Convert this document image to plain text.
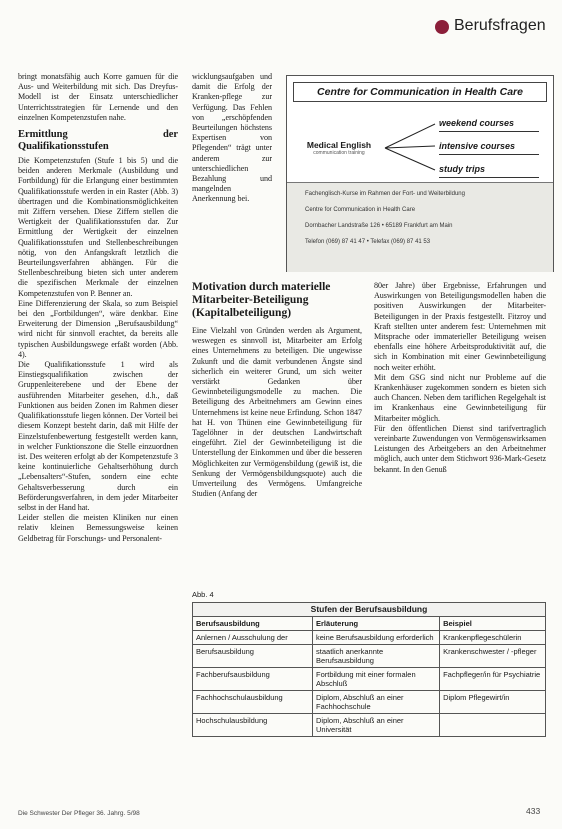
Berufsfragen

bringt monatsfähig auch Korre gamuen für die Aus- und Weiterbildung mit sich. Das Dreyfus-Modell ist der Einsatz unterschiedlicher Unterrichtsstrategien für Lernende und den einzelnen Kompetenzstufen nahe.

Ermittlung der Qualifikationsstufen

Die Kompetenzstufen (Stufe 1 bis 5) und die beiden anderen Merkmale (Ausbildung und Fortbildung) für die Erlangung einer bestimmten Qualifikationsstufe werden in ein Raster (Abb. 3) übertragen und die Kombinationsmöglichkeiten mit Ziffern versehen. Diese Ziffern stellen die Wertigkeit der Qualifikationsstufen dar. Zur Ermittlung der Wertigkeit der einzelnen Qualifikationsstufen und Stellenbeschreibungen nötig, von den Anfangskraft letztlich die Beurteilungsverfahren abhängen. Für die Stellenbeschreibung bieten sich unter anderem die spezifischen Merkmale der einzelnen Kompetenzstufen von P. Benner an.

Eine Differenzierung der Skala, so zum Beispiel bei den „Fortbildungen“, wäre denkbar. Eine Erweiterung der Dimension „Berufsausbildung“ wird nicht für sinnvoll erachtet, da bereits alle typischen Ausbildungswege erfaßt worden (Abb. 4).

Die Qualifikationsstufe 1 wird als Einstiegsqualifikation zwischen der Gruppenleiterebene und der Ebene der ausführenden Mitarbeiter gesehen, d.h., daß Funktionen aus beiden Zonen im Rahmen dieser Qualifikationsstufe liegen können. Der Vorteil bei diesem Konzept besteht darin, daß mit Hilfe der Einzelstufenbewertung festgestellt werden kann, in welcher Funktionszone die Stelle einzuordnen ist. Des weiteren erfolgt ab der Kompetenzstufe 3 keine kontinuierliche Gehaltserhöhung durch „Lebensalters“-Stufen, sondern eine echte Gehaltsverbesserung durch ein Beförderungsverfahren, in dem jeder Mitarbeiter selbst in der Hand hat.

Leider stellen die meisten Kliniken nur einen relativ kleinen Bemessungsweise keinen Geldbetrag für Forschungs- und Personalent-

wicklungsaufgaben und damit die Erfolg der Kranken-pflege zur Verfügung. Das Fehlen von „erschöpfenden Beurteilungen höchstens Expertisen von Pflegenden“ trägt unter anderem zur unterschiedlichen Bezahlung und mangelnden Anerkennung bei.

Centre for Communication in Health Care
Medical English
communication training
weekend courses
intensive courses
study trips
Fachenglisch-Kurse im Rahmen der Fort- und Weiterbildung
Centre for Communication in Health Care
Dornbacher Landstraße 126 • 65189 Frankfurt am Main
Telefon (069) 87 41 47 • Telefax (069) 87 41 53
Motivation durch materielle Mitarbeiter-Beteiligung (Kapitalbeteiligung)

Eine Vielzahl von Gründen werden als Argument, weswegen es sinnvoll ist, Mitarbeiter am Erfolg eines Unternehmens zu beteiligen. Die ungewisse Zukunft und die damit verbundenen Ängste sind sicherlich ein weiterer Grund, um sich weiter verstärkt Gedanken über Gewinnbeteiligungsmodelle zu machen. Die Beteiligung des Arbeitnehmers am Gewinn eines Unternehmens ist keine neue Erfindung. Schon 1847 hat H. von Thünen eine Gewinnbeteiligung für Tagelöhner in der deutschen Landwirtschaft eingeführt. Ziel der Gewinnbeteiligung ist die Unterstellung der Einkommen und über die besseren Möglichkeiten zur Vermögensbildung (gewiß ist, die Senkung der Vermögensbildungsquote) auch die Umverteilung des Vermögens. Umfangreiche Studien (Anfang der

80er Jahre) über Ergebnisse, Erfahrungen und Auswirkungen von Beteiligungsmodellen haben die positiven Auswirkungen der Mitarbeiter-Beteiligungen in der Praxis festgestellt. Fitzroy und Kraft stellten unter anderem fest: Unternehmen mit Mitsprache oder immaterieller Beteiligung weisen ebenfalls eine höhere Arbeitsproduktivität auf, die sich in Kombination mit einer Gewinnbeteiligung noch weiter erhöht.

Mit dem GSG sind nicht nur Probleme auf die Krankenhäuser zugekommen sondern es bieten sich auch Chancen. Neben dem tariflichen Regelgehalt ist im Krankenhaus eine Gewinnbeteiligung für Mitarbeiter möglich.

Für den öffentlichen Dienst sind tarifvertraglich vereinbarte Zuwendungen von Vermögenswirksamen Leistungen des Arbeitgebers an den Arbeitnehmer möglich, auch unter dem Stichwort 936-Mark-Gesetz bekannt. In den Genuß

Abb. 4
Stufen der Berufsausbildung		
Berufsausbildung	Erläuterung	Beispiel
Anlernen / Ausschulung der	keine Berufsausbildung erforderlich	Krankenpflegeschülerin
Berufsausbildung	staatlich anerkannte Berufsausbildung	Krankenschwester / -pfleger
Fachberufsausbildung	Fortbildung mit einer formalen Abschluß	Fachpfleger/in für Psychiatrie
Fachhochschulausbildung	Diplom, Abschluß an einer Fachhochschule	Diplom Pflegewirt/in
Hochschulausbildung	Diplom, Abschluß an einer Universität	
Die Schwester Der Pfleger 36. Jahrg. 5/98	433
